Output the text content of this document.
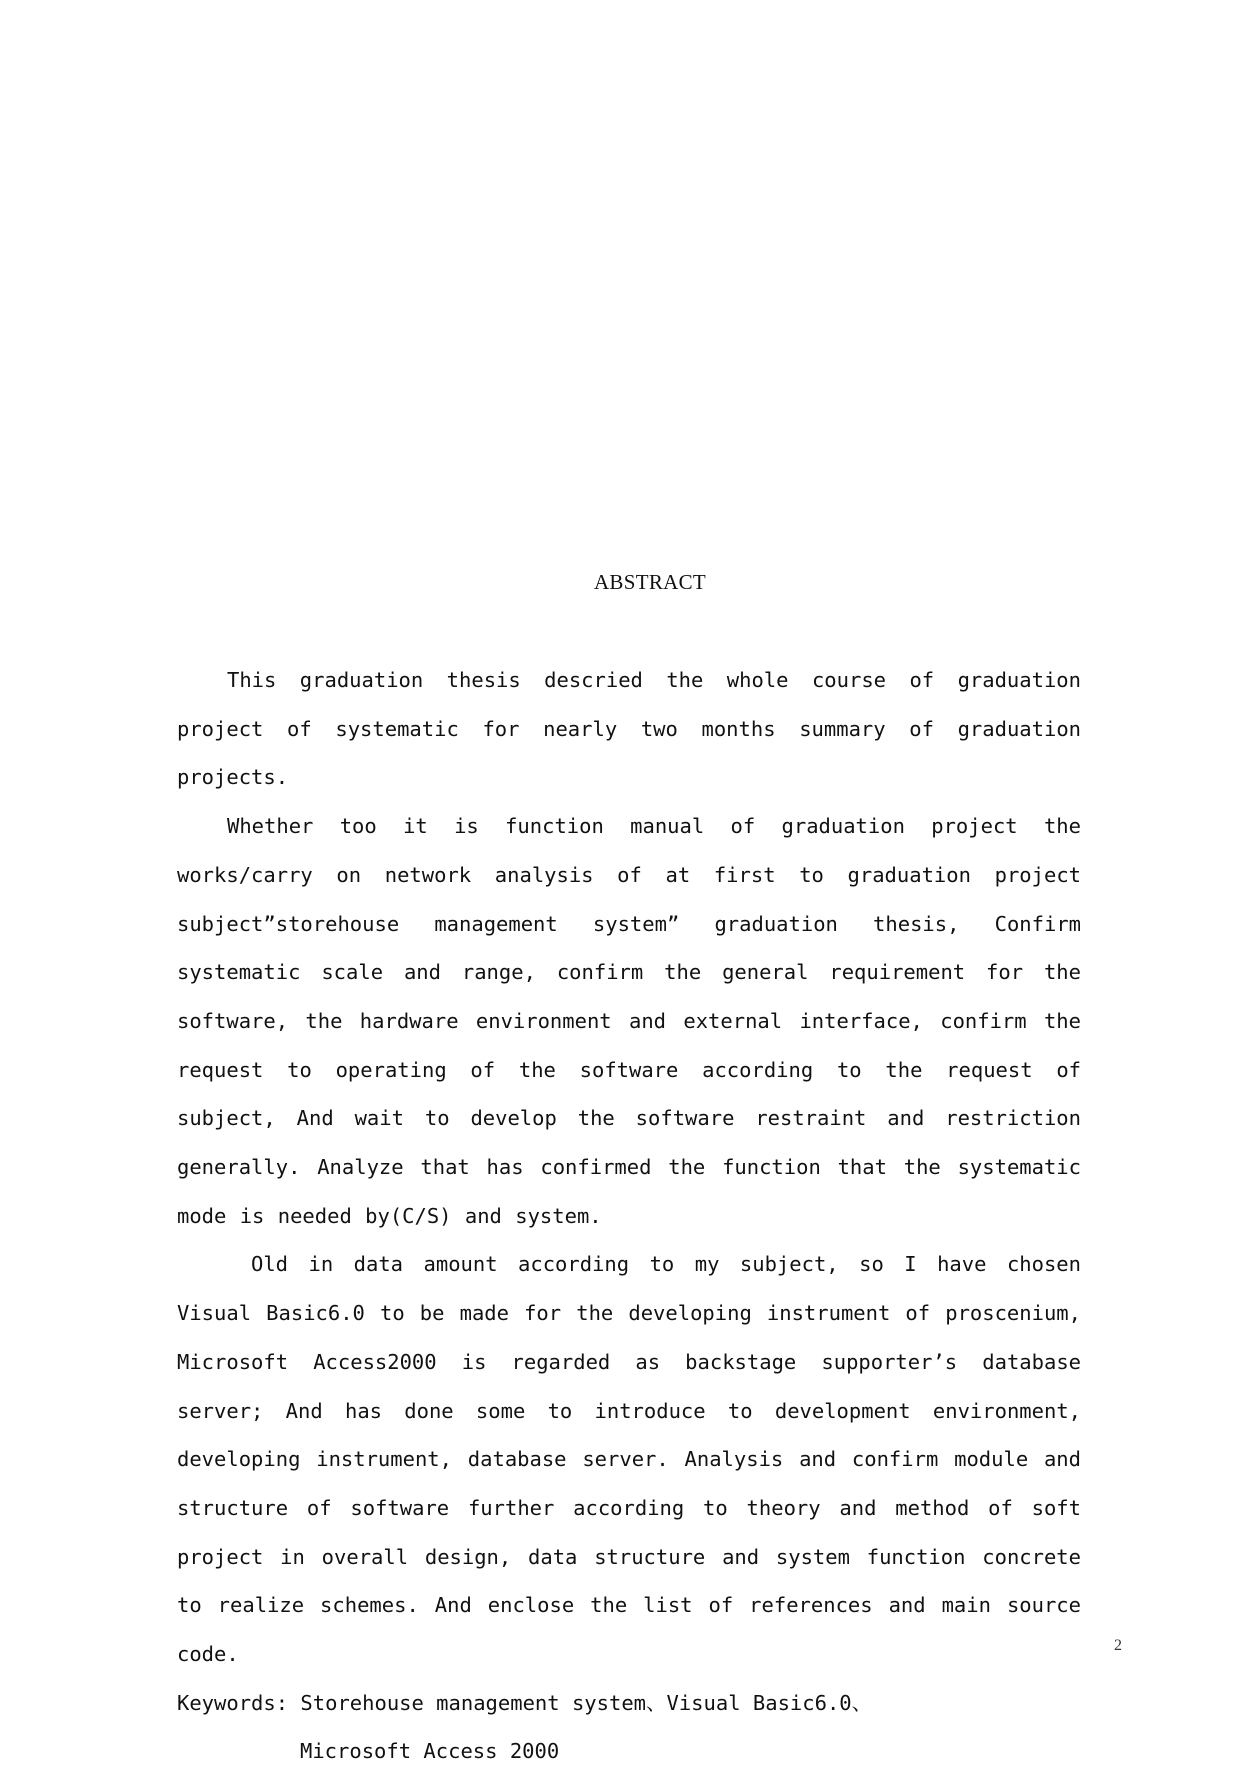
ABSTRACT

This graduation thesis descried the whole course of graduation project of systematic for nearly two months summary of graduation projects.

Whether too it is function manual of graduation project the works/carry on network analysis of at first to graduation project subject”storehouse management system” graduation thesis, Confirm systematic scale and range, confirm the general requirement for the software, the hardware environment and external interface, confirm the request to operating of the software according to the request of subject, And wait to develop the software restraint and restriction generally. Analyze that has confirmed the function that the systematic mode is needed by(C/S) and system.

Old in data amount according to my subject, so I have chosen Visual Basic6.0 to be made for the developing instrument of proscenium, Microsoft Access2000 is regarded as backstage supporter’s database server; And has done some to introduce to development environment, developing instrument, database server. Analysis and confirm module and structure of software further according to theory and method of soft project in overall design, data structure and system function concrete to realize schemes. And enclose the list of references and main source code.

Keywords: Storehouse management system、Visual Basic6.0、

Microsoft Access 2000

2
